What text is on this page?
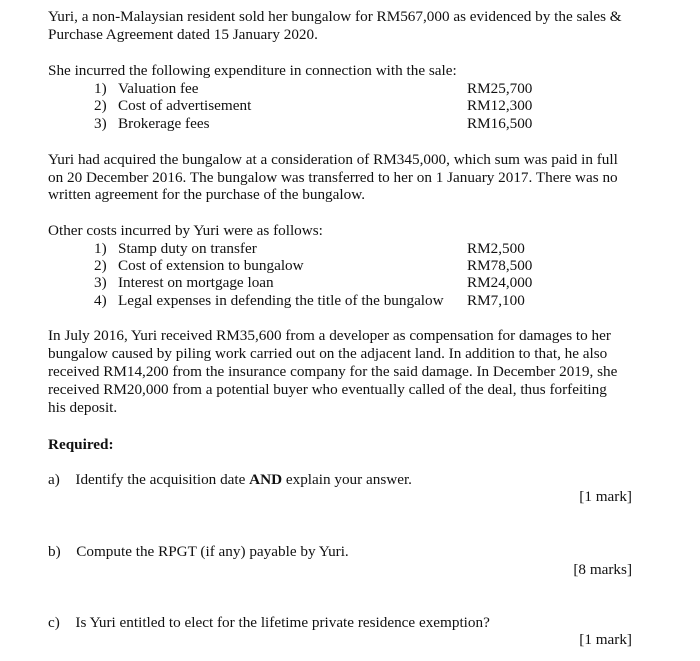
Yuri, a non-Malaysian resident sold her bungalow for RM567,000 as evidenced by the sales &
Purchase Agreement dated 15 January 2020.
She incurred the following expenditure in connection with the sale:
1) Valuation fee	RM25,700
2) Cost of advertisement	RM12,300
3) Brokerage fees	RM16,500
Yuri had acquired the bungalow at a consideration of RM345,000, which sum was paid in full
on 20 December 2016. The bungalow was transferred to her on 1 January 2017. There was no
written agreement for the purchase of the bungalow.
Other costs incurred by Yuri were as follows:
1) Stamp duty on transfer	RM2,500
2) Cost of extension to bungalow	RM78,500
3) Interest on mortgage loan	RM24,000
4) Legal expenses in defending the title of the bungalow RM7,100
In July 2016, Yuri received RM35,600 from a developer as compensation for damages to her
bungalow caused by piling work carried out on the adjacent land. In addition to that, he also
received RM14,200 from the insurance company for the said damage. In December 2019, she
received RM20,000 from a potential buyer who eventually called of the deal, thus forfeiting
his deposit.
Required:
a) Identify the acquisition date AND explain your answer.
[1 mark]
b) Compute the RPGT (if any) payable by Yuri.
[8 marks]
c) Is Yuri entitled to elect for the lifetime private residence exemption?
[1 mark]
